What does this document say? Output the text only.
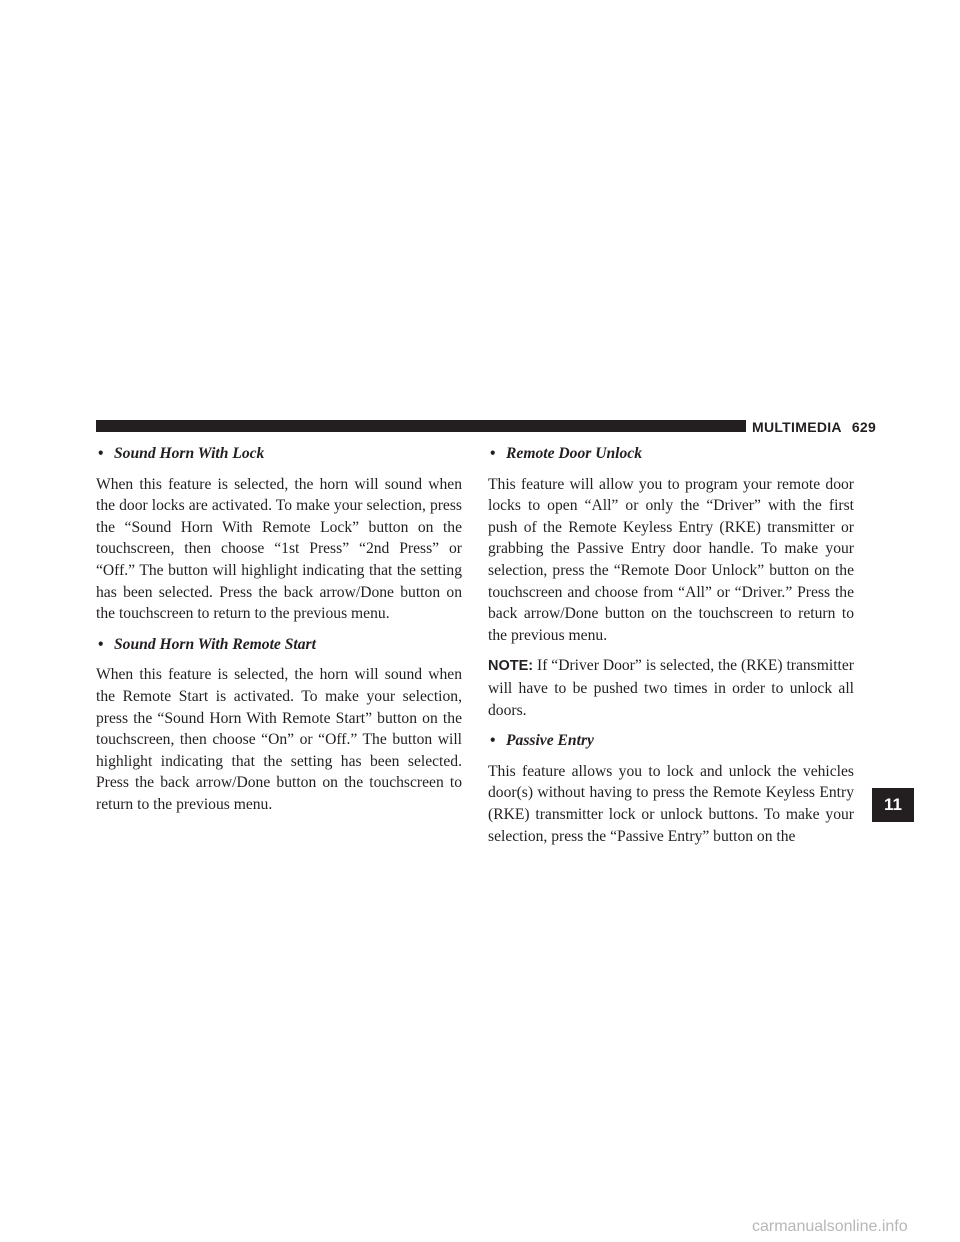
MULTIMEDIA 629

• Sound Horn With Lock

When this feature is selected, the horn will sound when the door locks are activated. To make your selection, press the “Sound Horn With Remote Lock” button on the touchscreen, then choose “1st Press” “2nd Press” or “Off.” The button will highlight indicating that the setting has been selected. Press the back arrow/Done button on the touchscreen to return to the previous menu.

• Sound Horn With Remote Start

When this feature is selected, the horn will sound when the Remote Start is activated. To make your selection, press the “Sound Horn With Remote Start” button on the touchscreen, then choose “On” or “Off.” The button will highlight indicating that the setting has been selected. Press the back arrow/Done button on the touchscreen to return to the previous menu.

• Remote Door Unlock

This feature will allow you to program your remote door locks to open “All” or only the “Driver” with the first push of the Remote Keyless Entry (RKE) transmitter or grabbing the Passive Entry door handle. To make your selection, press the “Remote Door Unlock” button on the touchscreen and choose from “All” or “Driver.” Press the back arrow/Done button on the touchscreen to return to the previous menu.

NOTE: If “Driver Door” is selected, the (RKE) transmitter will have to be pushed two times in order to unlock all doors.

• Passive Entry

This feature allows you to lock and unlock the vehicles door(s) without having to press the Remote Keyless Entry (RKE) transmitter lock or unlock buttons. To make your selection, press the “Passive Entry” button on the

11
carmanualsonline.info
